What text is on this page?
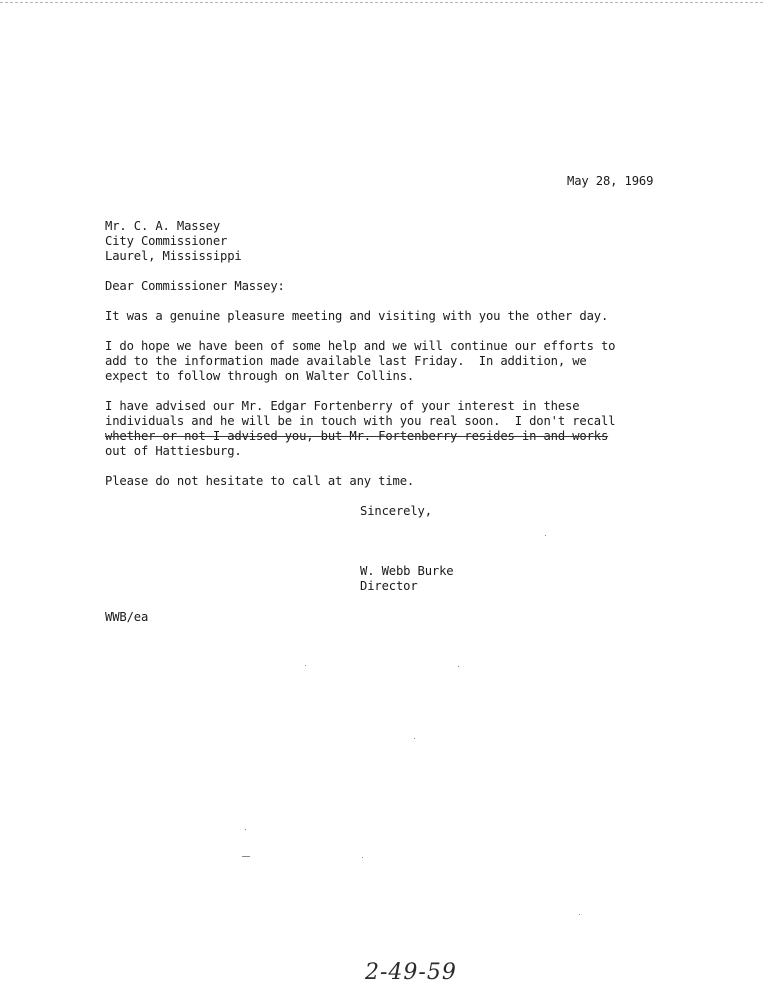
May 28, 1969
Mr. C. A. Massey
City Commissioner
Laurel, Mississippi
Dear Commissioner Massey:
It was a genuine pleasure meeting and visiting with you the other day.
I do hope we have been of some help and we will continue our efforts to
add to the information made available last Friday.  In addition, we
expect to follow through on Walter Collins.
I have advised our Mr. Edgar Fortenberry of your interest in these
individuals and he will be in touch with you real soon.  I don't recall
whether or not I advised you, but Mr. Fortenberry resides in and works
out of Hattiesburg.
Please do not hesitate to call at any time.
Sincerely,
W. Webb Burke
Director
WWB/ea
2-49-59
